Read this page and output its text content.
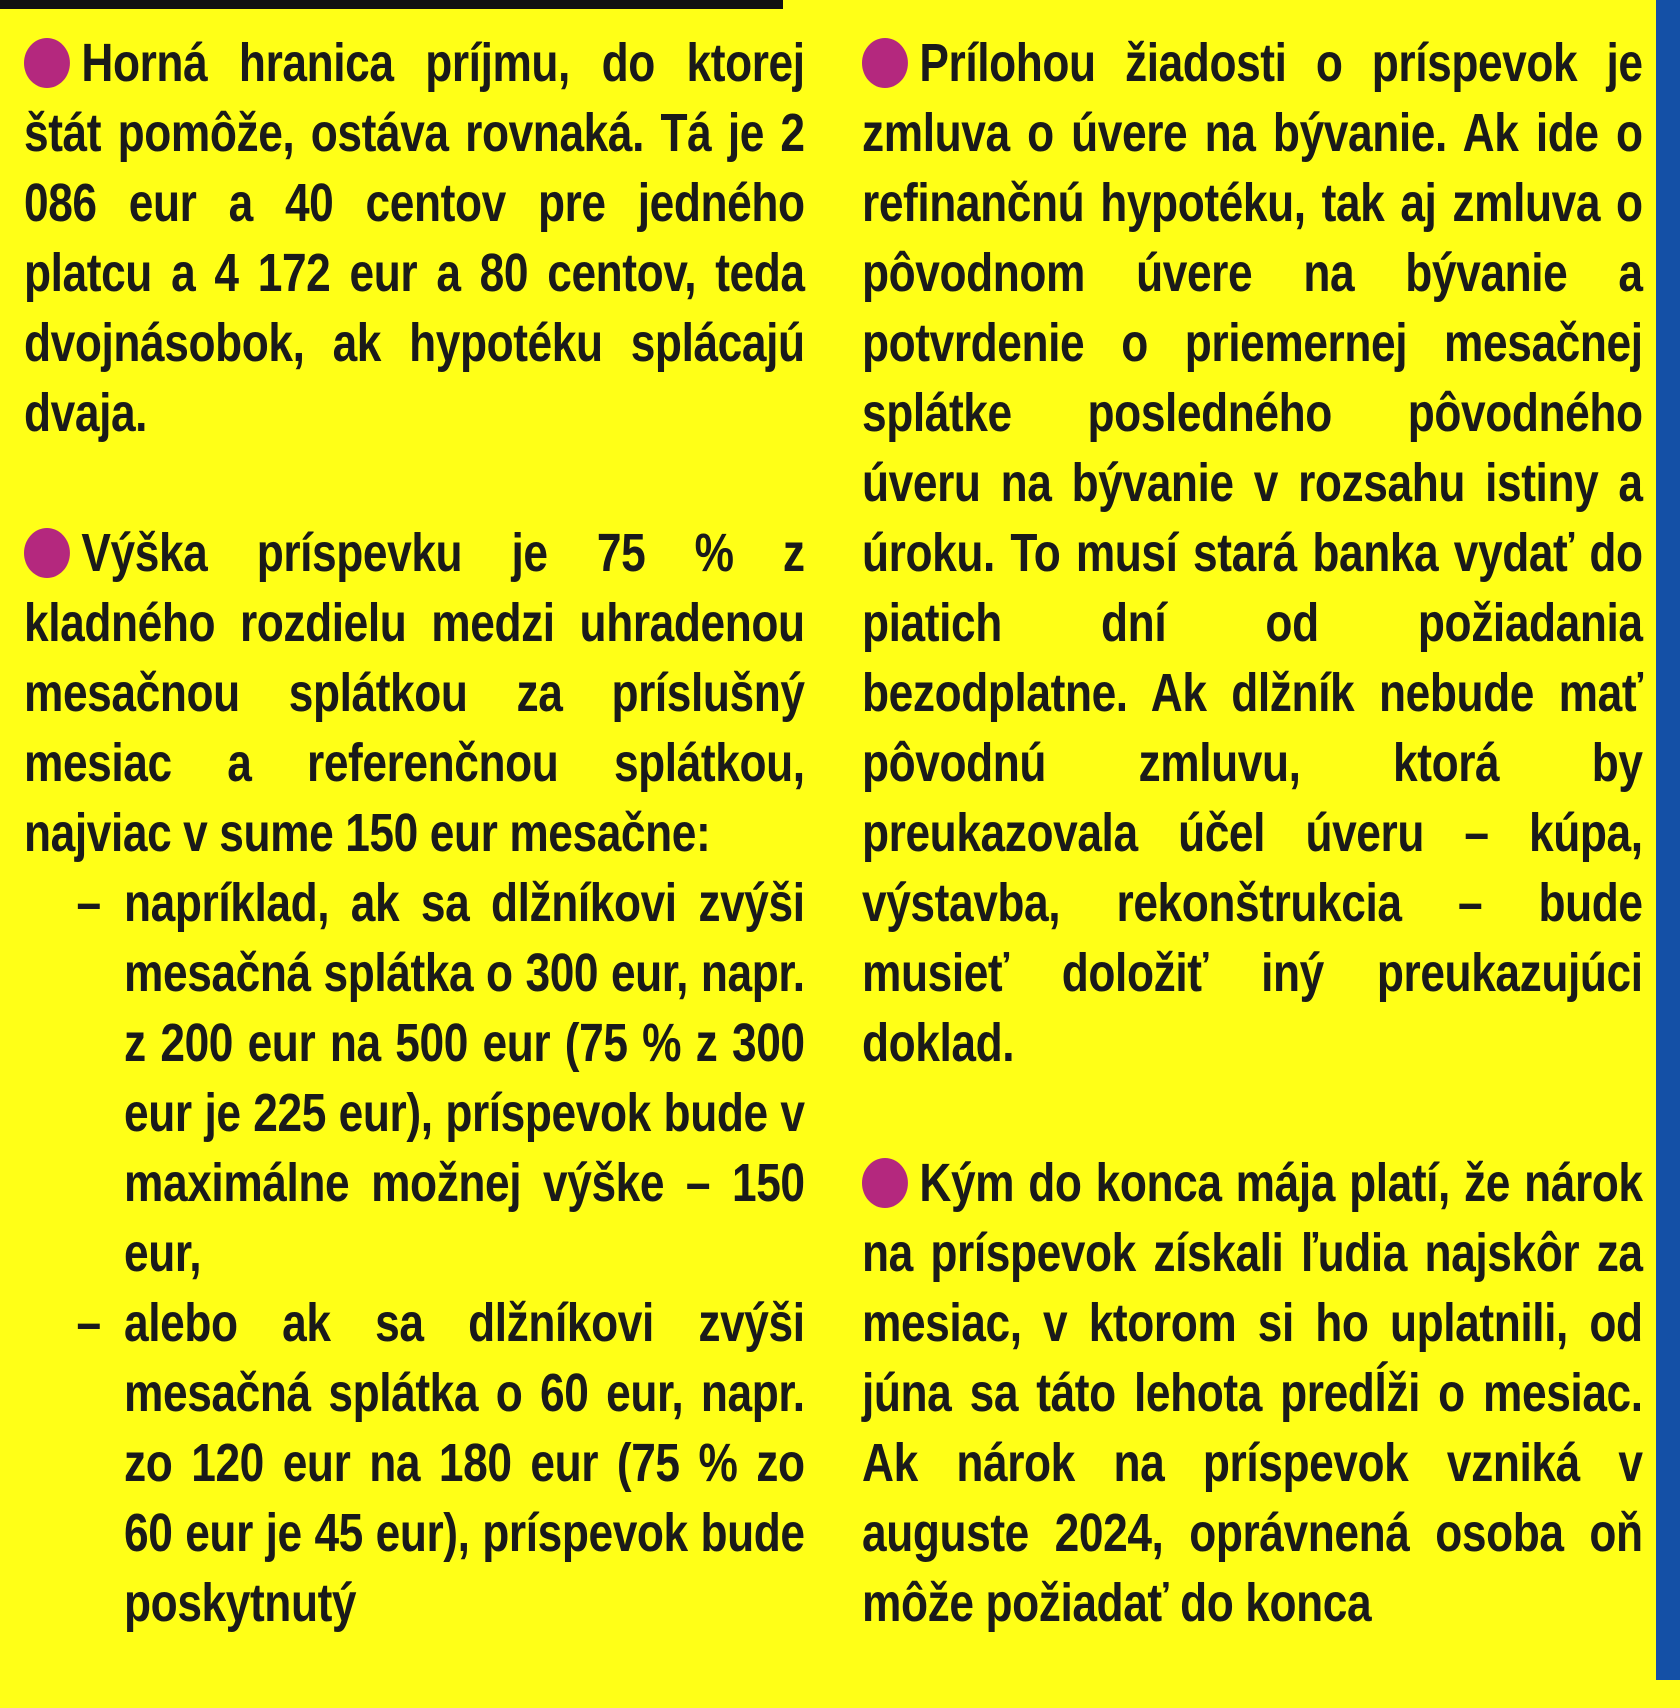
Horná hranica príjmu, do ktorej štát pomôže, ostáva rovnaká. Tá je 2 086 eur a 40 centov pre jedného platcu a 4 172 eur a 80 centov, teda dvojnásobok, ak hypotéku splácajú dvaja.

Výška príspevku je 75 % z kladného rozdielu medzi uhradenou mesačnou splátkou za príslušný mesiac a referenčnou splátkou, najviac v sume 150 eur mesačne:

– napríklad, ak sa dlžníkovi zvýši mesačná splátka o 300 eur, napr. z 200 eur na 500 eur (75 % z 300 eur je 225 eur), príspevok bude v maximálne možnej výške – 150 eur,
– alebo ak sa dlžníkovi zvýši mesačná splátka o 60 eur, napr. zo 120 eur na 180 eur (75 % zo 60 eur je 45 eur), príspevok bude poskytnutý

Prílohou žiadosti o príspevok je zmluva o úvere na bývanie. Ak ide o refinančnú hypotéku, tak aj zmluva o pôvodnom úvere na bývanie a potvrdenie o priemernej mesačnej splátke posledného pôvodného úveru na bývanie v rozsahu istiny a úroku. To musí stará banka vydať do piatich dní od požiadania bezodplatne. Ak dlžník nebude mať pôvodnú zmluvu, ktorá by preukazovala účel úveru – kúpa, výstavba, rekonštrukcia – bude musieť doložiť iný preukazujúci doklad.

Kým do konca mája platí, že nárok na príspevok získali ľudia najskôr za mesiac, v ktorom si ho uplatnili, od júna sa táto lehota predĺži o mesiac. Ak nárok na príspevok vzniká v auguste 2024, oprávnená osoba oň môže požiadať do konca
